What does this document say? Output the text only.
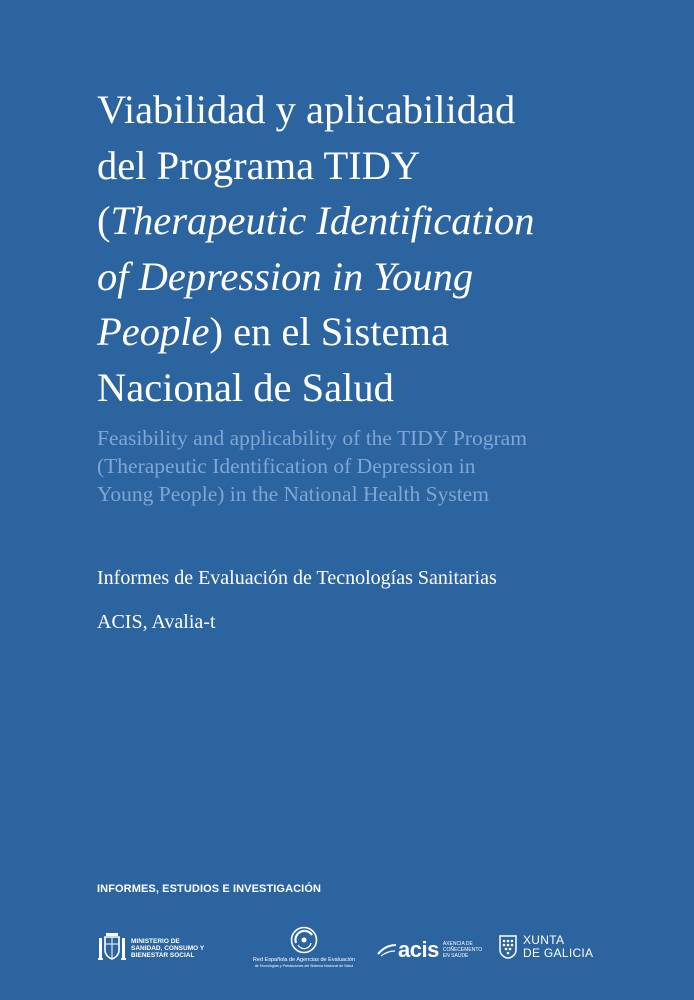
Viabilidad y aplicabilidad
del Programa TIDY
(Therapeutic Identification
of Depression in Young
People) en el Sistema
Nacional de Salud
Feasibility and applicability of the TIDY Program
(Therapeutic Identification of Depression in
Young People) in the National Health System
Informes de Evaluación de Tecnologías Sanitarias
ACIS, Avalia-t
INFORMES, ESTUDIOS E INVESTIGACIÓN
MINISTERIO DE SANIDAD, CONSUMO Y BIENESTAR SOCIAL
Red Española de Agencias de Evaluación
de Tecnologías y Prestaciones del Sistema Nacional de Salud
acis AXENCIA DE COÑECEMENTO EN SAÚDE
XUNTA
DE GALICIA
